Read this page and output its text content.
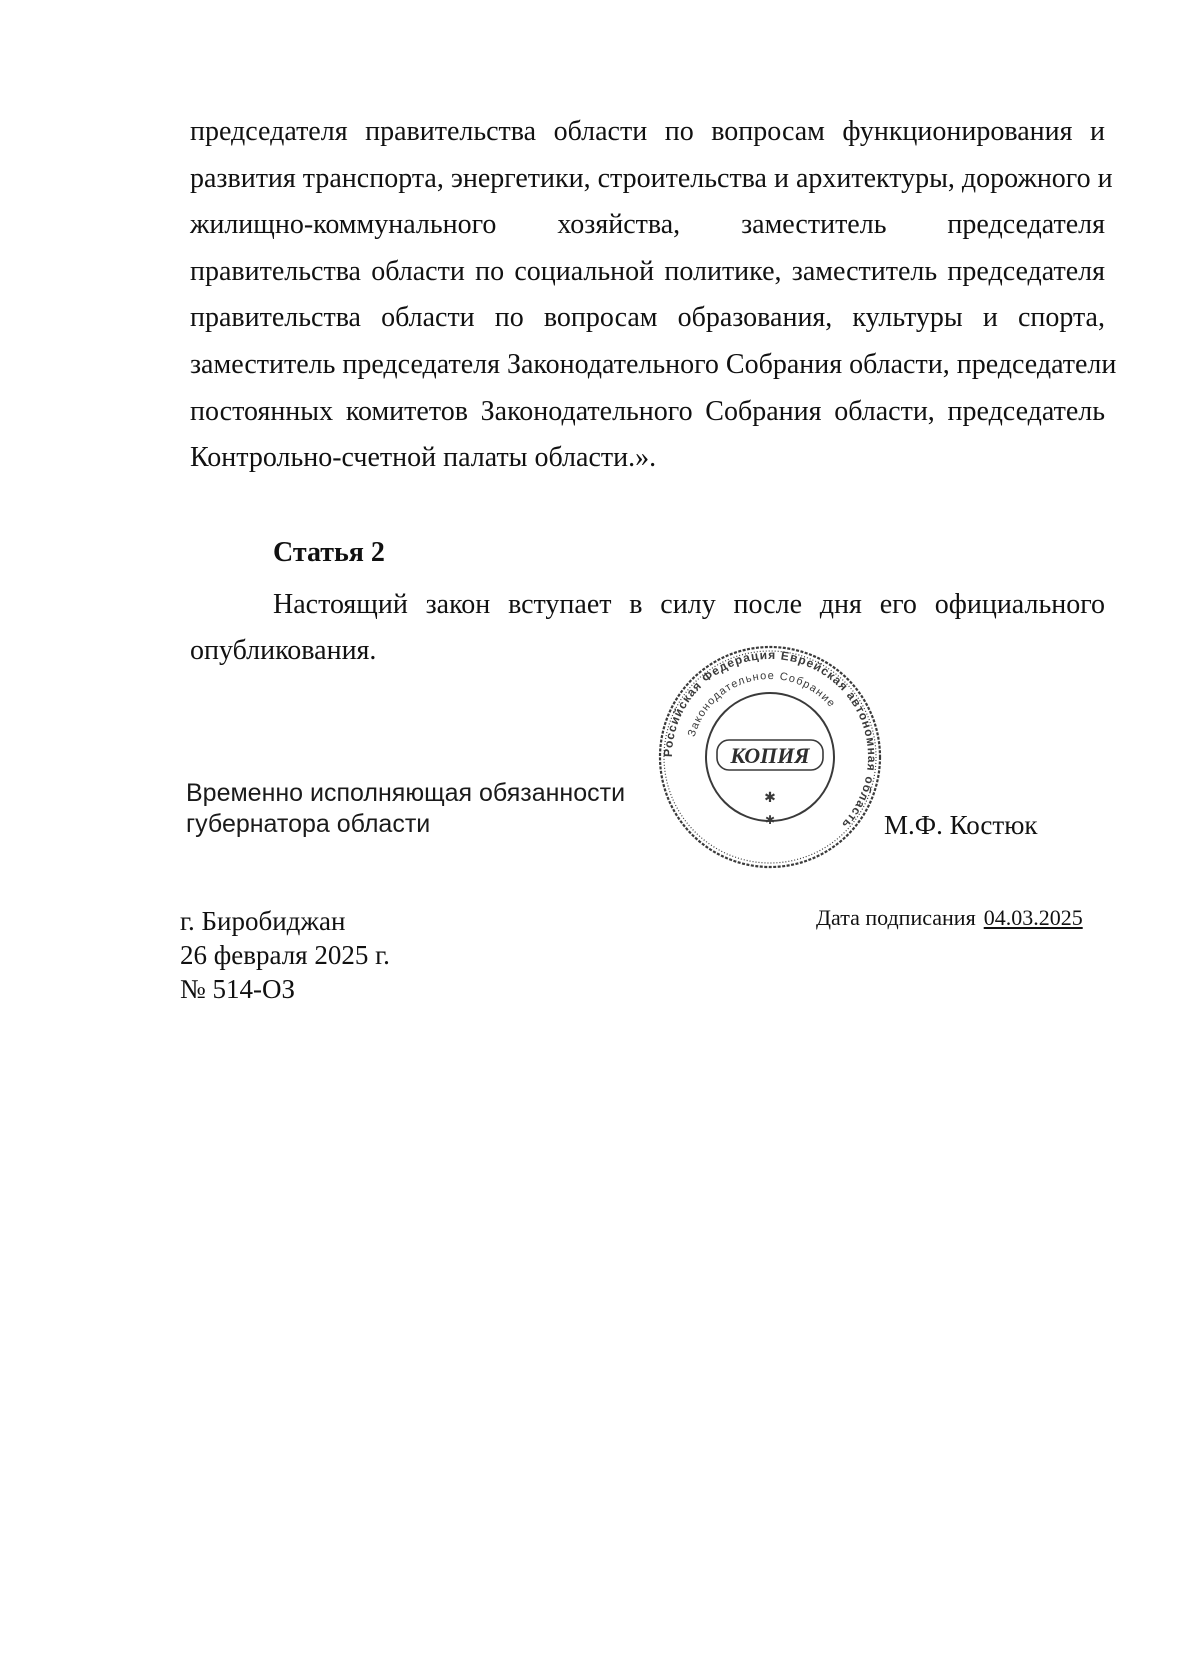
председателя правительства области по вопросам функционирования и
развития транспорта, энергетики, строительства и архитектуры, дорожного и
жилищно-коммунального хозяйства, заместитель председателя
правительства области по социальной политике, заместитель председателя
правительства области по вопросам образования, культуры и спорта,
заместитель председателя Законодательного Собрания области, председатели
постоянных комитетов Законодательного Собрания области, председатель
Контрольно-счетной палаты области.».
Статья 2
Настоящий закон вступает в силу после дня его официального
опубликования.
Временно исполняющая обязанности
губернатора области
Российская Федерация Еврейская автономная область
Законодательное Собрание
КОПИЯ
✱
✱	М.Ф. Костюк
г. Биробиджан
26 февраля 2025 г.
№ 514-ОЗ
Дата подписания 04.03.2025
